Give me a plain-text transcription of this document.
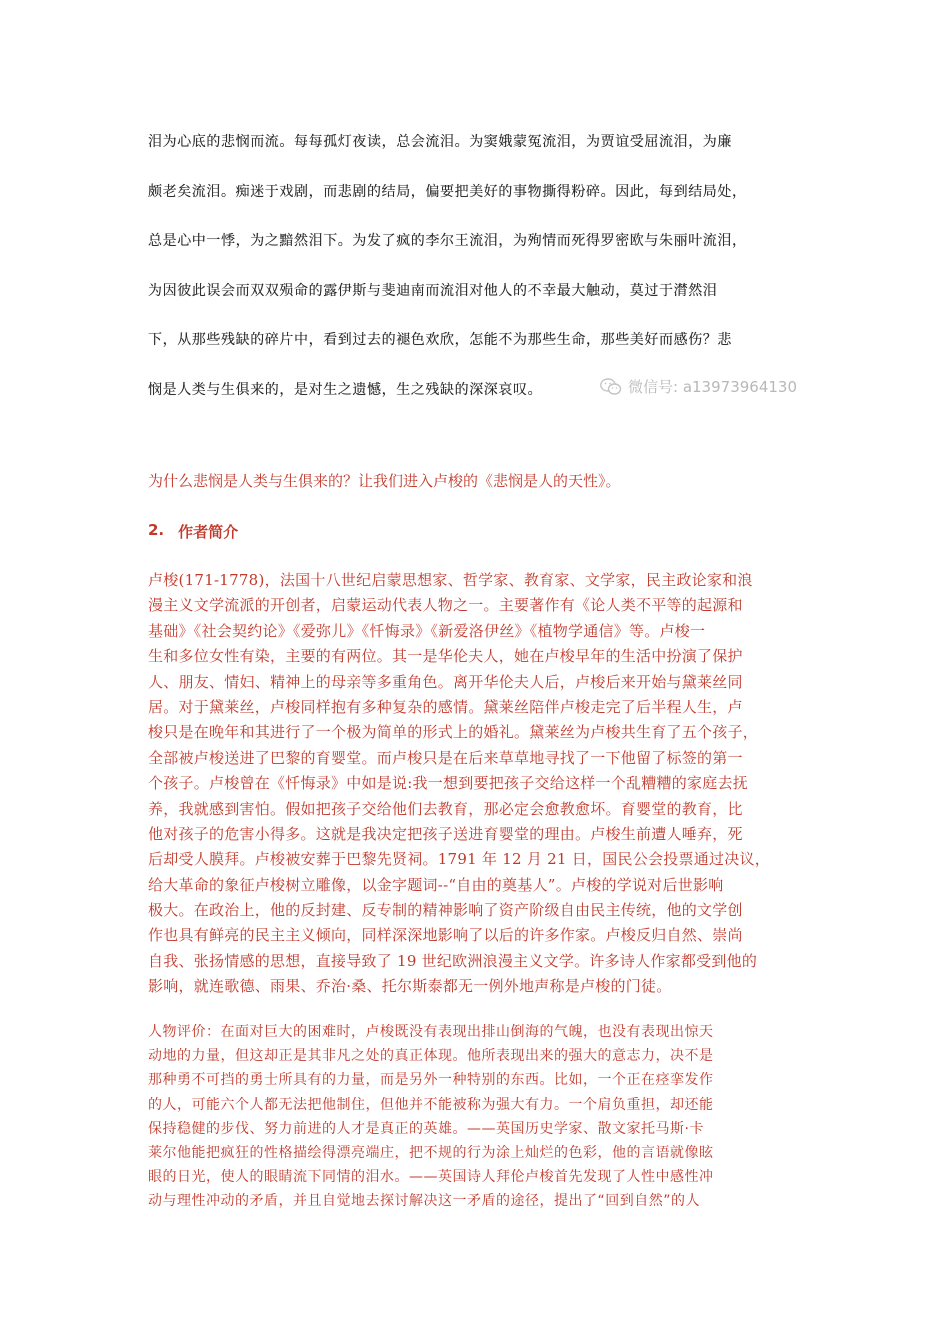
泪为心底的悲悯而流。每每孤灯夜读，总会流泪。为窦娥蒙冤流泪，为贾谊受屈流泪，为廉
颇老矣流泪。痴迷于戏剧，而悲剧的结局，偏要把美好的事物撕得粉碎。因此，每到结局处，
总是心中一悸，为之黯然泪下。为发了疯的李尔王流泪，为殉情而死得罗密欧与朱丽叶流泪，
为因彼此误会而双双殒命的露伊斯与斐迪南而流泪对他人的不幸最大触动，莫过于潸然泪
下，从那些残缺的碎片中，看到过去的褪色欢欣，怎能不为那些生命，那些美好而感伤？悲
悯是人类与生俱来的，是对生之遗憾，生之残缺的深深哀叹。	微信号: a13973964130
为什么悲悯是人类与生俱来的？让我们进入卢梭的《悲悯是人的天性》。
2. 作者简介
卢梭(171-1778)，法国十八世纪启蒙思想家、哲学家、教育家、文学家，民主政论家和浪
漫主义文学流派的开创者，启蒙运动代表人物之一。主要著作有《论人类不平等的起源和
基础》《社会契约论》《爱弥儿》《忏悔录》《新爱洛伊丝》《植物学通信》等。卢梭一
生和多位女性有染，主要的有两位。其一是华伦夫人，她在卢梭早年的生活中扮演了保护
人、朋友、情妇、精神上的母亲等多重角色。离开华伦夫人后，卢梭后来开始与黛莱丝同
居。对于黛莱丝，卢梭同样抱有多种复杂的感情。黛莱丝陪伴卢梭走完了后半程人生，卢
梭只是在晚年和其进行了一个极为简单的形式上的婚礼。黛莱丝为卢梭共生育了五个孩子，
全部被卢梭送进了巴黎的育婴堂。而卢梭只是在后来草草地寻找了一下他留了标签的第一
个孩子。卢梭曾在《忏悔录》中如是说:我一想到要把孩子交给这样一个乱糟糟的家庭去抚
养，我就感到害怕。假如把孩子交给他们去教育，那必定会愈教愈坏。育婴堂的教育，比
他对孩子的危害小得多。这就是我决定把孩子送进育婴堂的理由。卢梭生前遭人唾弃，死
后却受人膜拜。卢梭被安葬于巴黎先贤祠。1791 年 12 月 21 日，国民公会投票通过决议，
给大革命的象征卢梭树立雕像，以金字题词--“自由的奠基人”。卢梭的学说对后世影响
极大。在政治上，他的反封建、反专制的精神影响了资产阶级自由民主传统，他的文学创
作也具有鲜亮的民主主义倾向，同样深深地影响了以后的许多作家。卢梭反归自然、崇尚
自我、张扬情感的思想，直接导致了 19 世纪欧洲浪漫主义文学。许多诗人作家都受到他的
影响，就连歌德、雨果、乔治·桑、托尔斯泰都无一例外地声称是卢梭的门徒。
人物评价：在面对巨大的困难时，卢梭既没有表现出排山倒海的气魄，也没有表现出惊天
动地的力量，但这却正是其非凡之处的真正体现。他所表现出来的强大的意志力，决不是
那种勇不可挡的勇士所具有的力量，而是另外一种特别的东西。比如，一个正在痉挛发作
的人，可能六个人都无法把他制住，但他并不能被称为强大有力。一个肩负重担，却还能
保持稳健的步伐、努力前进的人才是真正的英雄。——英国历史学家、散文家托马斯·卡
莱尔他能把疯狂的性格描绘得漂亮端庄，把不规的行为涂上灿烂的色彩，他的言语就像眩
眼的日光，使人的眼睛流下同情的泪水。——英国诗人拜伦卢梭首先发现了人性中感性冲
动与理性冲动的矛盾，并且自觉地去探讨解决这一矛盾的途径，提出了“回到自然”的人
